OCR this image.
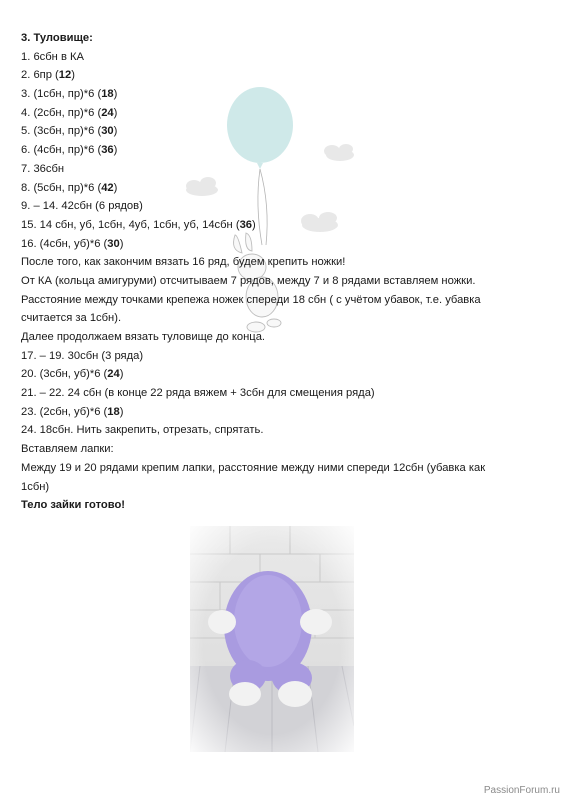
3. Туловище:
1. 6сбн в КА
2. 6пр (12)
3. (1сбн, пр)*6 (18)
4. (2сбн, пр)*6 (24)
5. (3сбн, пр)*6 (30)
6. (4сбн, пр)*6 (36)
7. 36сбн
8. (5сбн, пр)*6 (42)
9. – 14. 42сбн (6 рядов)
15. 14 сбн, уб, 1сбн, 4уб, 1сбн, уб, 14сбн (36)
16. (4сбн, уб)*6 (30)
После того, как закончим вязать 16 ряд, будем крепить ножки!
От КА (кольца амигуруми) отсчитываем 7 рядов, между 7 и 8 рядами вставляем ножки.
Расстояние между точками крепежа ножек спереди 18 сбн ( с учётом убавок, т.е. убавка
считается за 1сбн).
Далее продолжаем вязать туловище до конца.
17. – 19. 30сбн (3 ряда)
20. (3сбн, уб)*6 (24)
21. – 22. 24 сбн (в конце 22 ряда вяжем + 3сбн для смещения ряда)
23. (2сбн, уб)*6 (18)
24. 18сбн. Нить закрепить, отрезать, спрятать.
Вставляем лапки:
Между 19 и 20 рядами крепим лапки, расстояние между ними спереди 12сбн (убавка как
1сбн)
Тело зайки готово!
PassionForum.ru
